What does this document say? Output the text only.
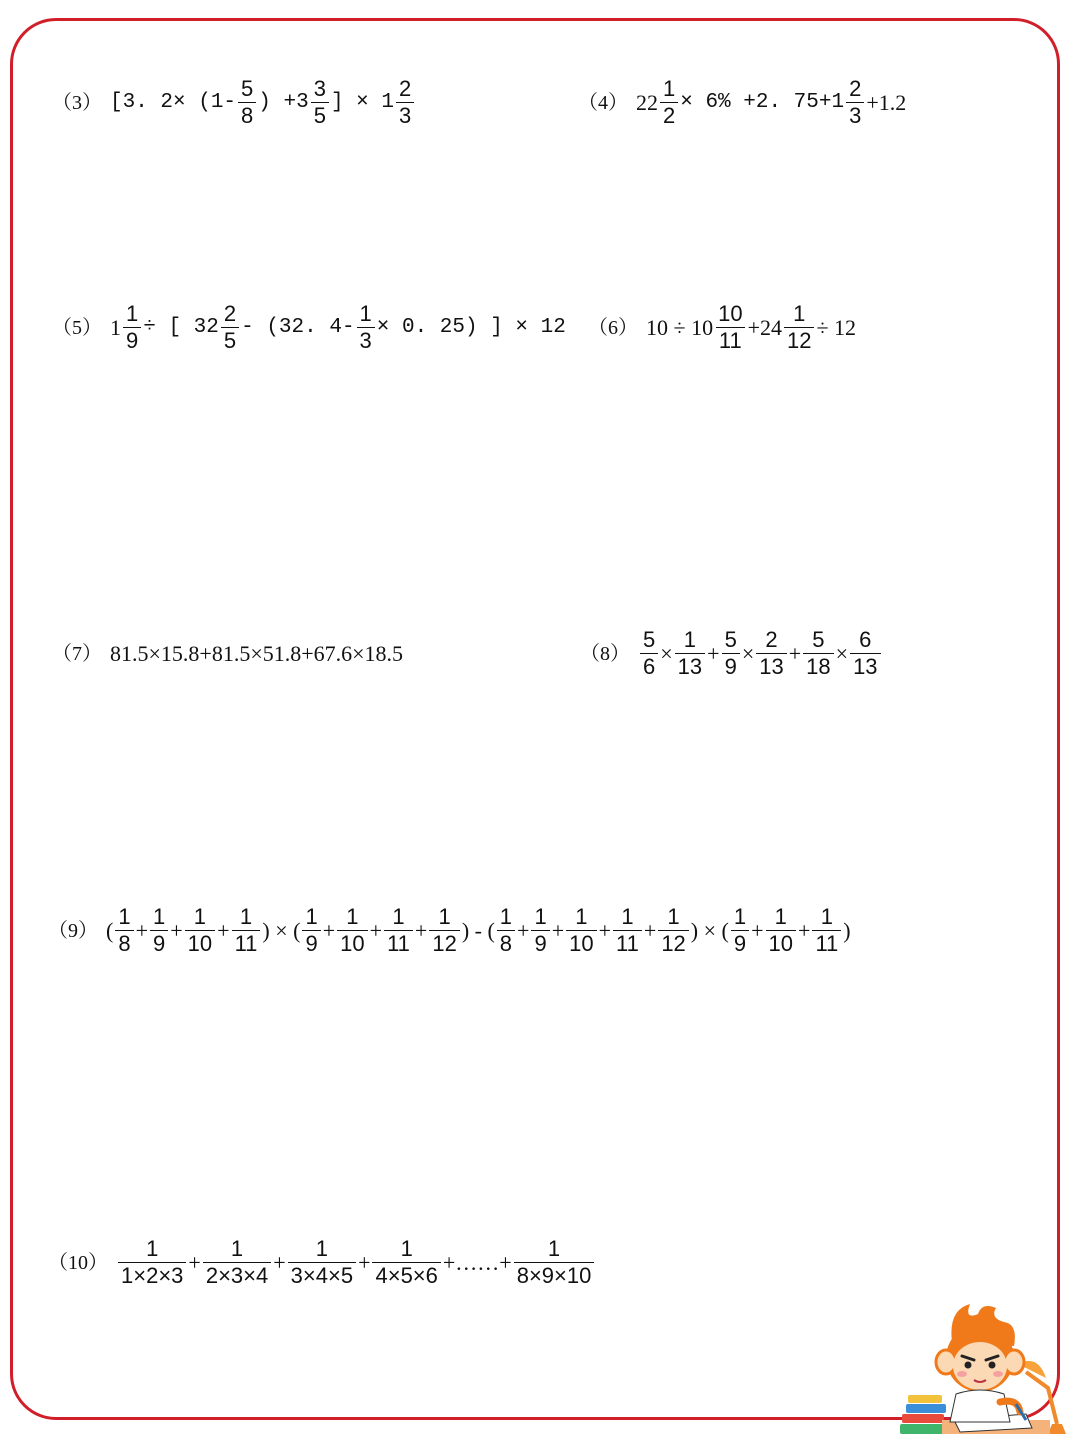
（3） [3. $2\times (1- \frac{5}{8}$ ) $+3 \frac{3}{5}$ ] × $1 \frac{2}{3}$	（4） $22 \frac{1}{2} \times 6\% +2$. $75+1 \frac{2}{3} +1.2$
（5） $1 \frac{1}{9}$ ÷ [ $32 \frac{2}{5} - (32$. $4- \frac{1}{3} \times 0$. 25) ] × 12 （6） $10 \div 10 \frac{10}{11} +24 \frac{1}{12} \div 12$
（7） 81.5×15.8+81.5×51.8+67.6×18.5	$(8) \frac{5}{6} \times \frac{1}{13} + \frac{5}{9} \times \frac{2}{13} + \frac{5}{18} \times \frac{6}{13}$
（9） ( $\frac{1}{8} + \frac{1}{9} + \frac{1}{10} + \frac{1}{11}$ ) × ( $\frac{1}{9} + \frac{1}{10} + \frac{1}{11} + \frac{1}{12}$ ) - ( $\frac{1}{8} + \frac{1}{9} + \frac{1}{10} + \frac{1}{11} + \frac{1}{12}$ ) × ( $\frac{1}{9} + \frac{1}{10} + \frac{1}{11}$ )
$(10) \frac{1}{1\times 2\times 3} + \frac{1}{2\times 3\times 4} + \frac{1}{3\times 4\times 5} + \frac{1}{4\times 5\times 6}$ +……+ $\frac{1}{8\times 9\times 10}$
